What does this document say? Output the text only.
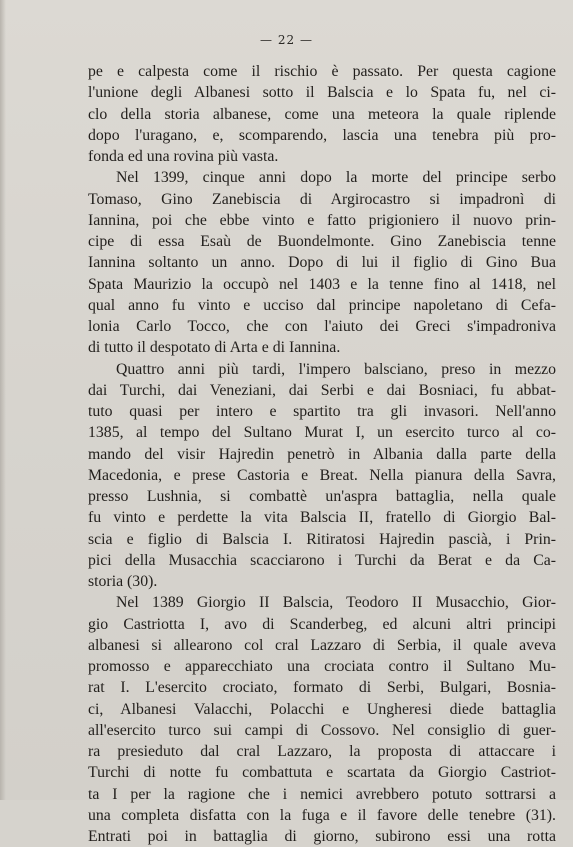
— 22 —
pe e calpesta come il rischio è passato. Per questa cagione
l'unione degli Albanesi sotto il Balscia e lo Spata fu, nel ci-
clo della storia albanese, come una meteora la quale riplende
dopo l'uragano, e, scomparendo, lascia una tenebra più pro-
fonda ed una rovina più vasta.
Nel 1399, cinque anni dopo la morte del principe serbo
Tomaso, Gino Zanebiscia di Argirocastro si impadronì di
Iannina, poi che ebbe vinto e fatto prigioniero il nuovo prin-
cipe di essa Esaù de Buondelmonte. Gino Zanebiscia tenne
Iannina soltanto un anno. Dopo di lui il figlio di Gino Bua
Spata Maurizio la occupò nel 1403 e la tenne fino al 1418, nel
qual anno fu vinto e ucciso dal principe napoletano di Cefa-
lonia Carlo Tocco, che con l'aiuto dei Greci s'impadroniva
di tutto il despotato di Arta e di Iannina.
Quattro anni più tardi, l'impero balsciano, preso in mezzo
dai Turchi, dai Veneziani, dai Serbi e dai Bosniaci, fu abbat-
tuto quasi per intero e spartito tra gli invasori. Nell'anno
1385, al tempo del Sultano Murat I, un esercito turco al co-
mando del visir Hajredin penetrò in Albania dalla parte della
Macedonia, e prese Castoria e Breat. Nella pianura della Savra,
presso Lushnia, si combattè un'aspra battaglia, nella quale
fu vinto e perdette la vita Balscia II, fratello di Giorgio Bal-
scia e figlio di Balscia I. Ritiratosi Hajredin pascià, i Prin-
pici della Musacchia scacciarono i Turchi da Berat e da Ca-
storia (30).
Nel 1389 Giorgio II Balscia, Teodoro II Musacchio, Gior-
gio Castriotta I, avo di Scanderbeg, ed alcuni altri principi
albanesi si allearono col cral Lazzaro di Serbia, il quale aveva
promosso e apparecchiato una crociata contro il Sultano Mu-
rat I. L'esercito crociato, formato di Serbi, Bulgari, Bosnia-
ci, Albanesi Valacchi, Polacchi e Ungheresi diede battaglia
all'esercito turco sui campi di Cossovo. Nel consiglio di guer-
ra presieduto dal cral Lazzaro, la proposta di attaccare i
Turchi di notte fu combattuta e scartata da Giorgio Castriot-
ta I per la ragione che i nemici avrebbero potuto sottrarsi a
una completa disfatta con la fuga e il favore delle tenebre (31).
Entrati poi in battaglia di giorno, subirono essi una rotta
